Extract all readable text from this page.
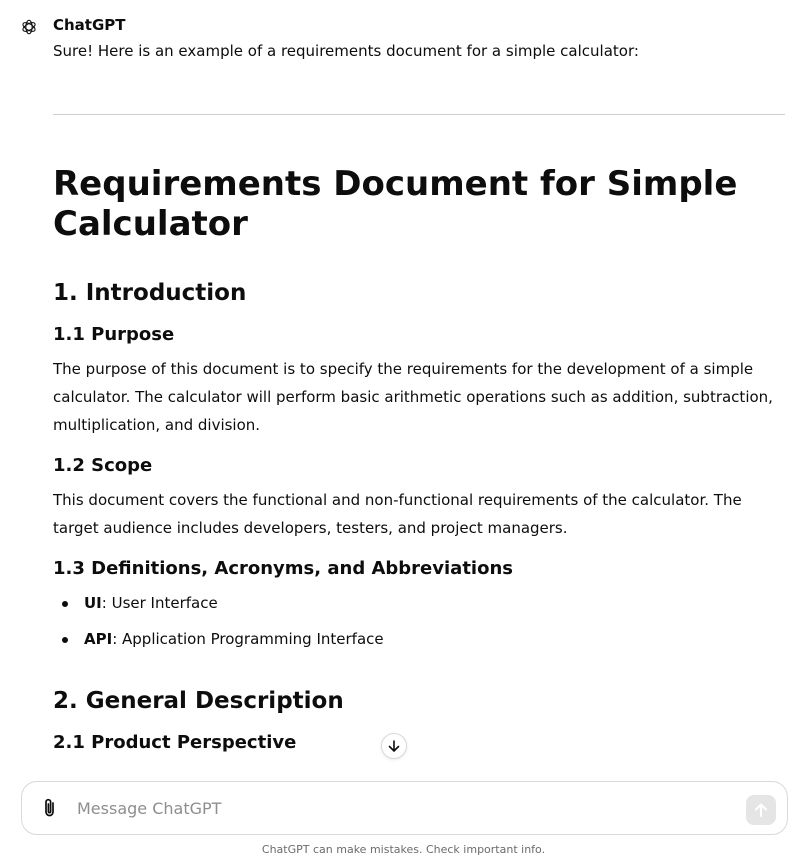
ChatGPT
Sure! Here is an example of a requirements document for a simple calculator:
Requirements Document for Simple Calculator
1. Introduction
1.1 Purpose

The purpose of this document is to specify the requirements for the development of a simple calculator. The calculator will perform basic arithmetic operations such as addition, subtraction, multiplication, and division.

1.2 Scope

This document covers the functional and non-functional requirements of the calculator. The target audience includes developers, testers, and project managers.

1.3 Definitions, Acronyms, and Abbreviations
UI: User Interface
API: Application Programming Interface
2. General Description
2.1 Product Perspective
Message ChatGPT
ChatGPT can make mistakes. Check important info.
